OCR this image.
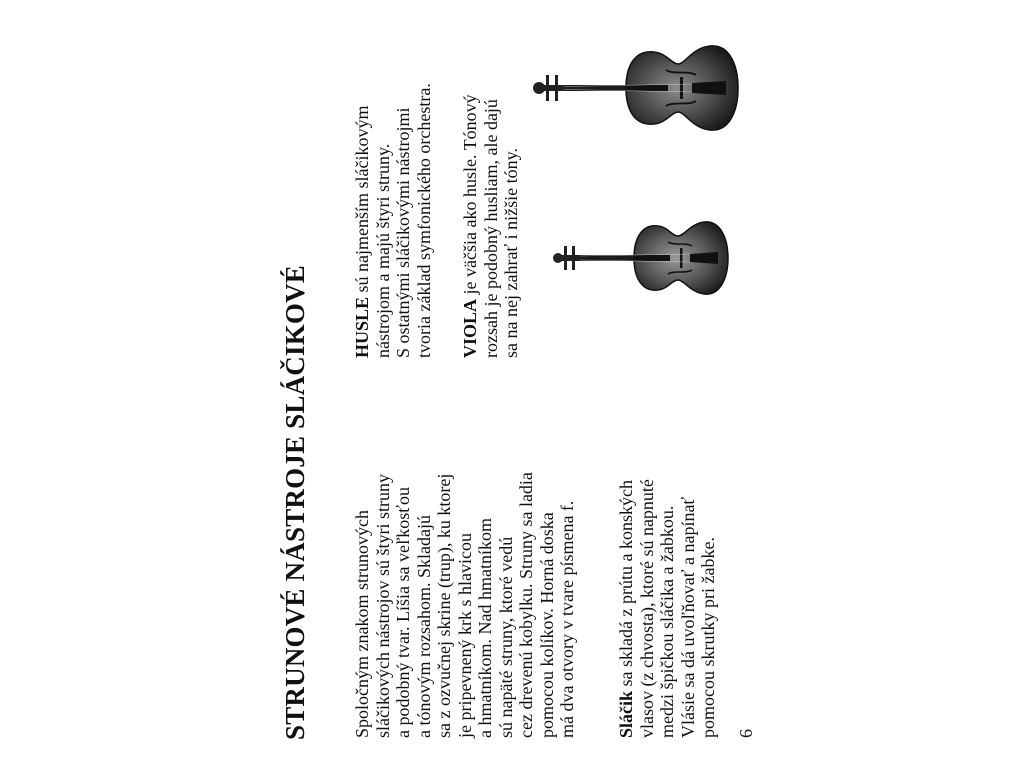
STRUNOVÉ NÁSTROJE SLÁČIKOVÉ Spoločným znakom strunových
sláčikových nástrojov sú štyri struny
a podobný tvar. Líšia sa veľkosťou
a tónovým rozsahom. Skladajú
sa z ozvučnej skrine (trup), ku ktorej
je pripevnený krk s hlavicou
a hmatníkom. Nad hmatníkom
sú napäté struny, ktoré vedú
cez drevenú kobylku. Struny sa ladia
pomocou kolíkov. Horná doska
má dva otvory v tvare písmena f.
Sláčik sa skladá z prútu a konských
vlasov (z chvosta), ktoré sú napnuté
medzi špičkou sláčika a žabkou.
Vlásie sa dá uvoľňovať a napínať
pomocou skrutky pri žabke.
HUSLE sú najmenším sláčikovým
nástrojom a majú štyri struny.
S ostatnými sláčikovými nástrojmi
tvoria základ symfonického orchestra.
VIOLA je väčšia ako husle. Tónový
rozsah je podobný husliam, ale dajú
sa na nej zahrať i nižšie tóny.
6
